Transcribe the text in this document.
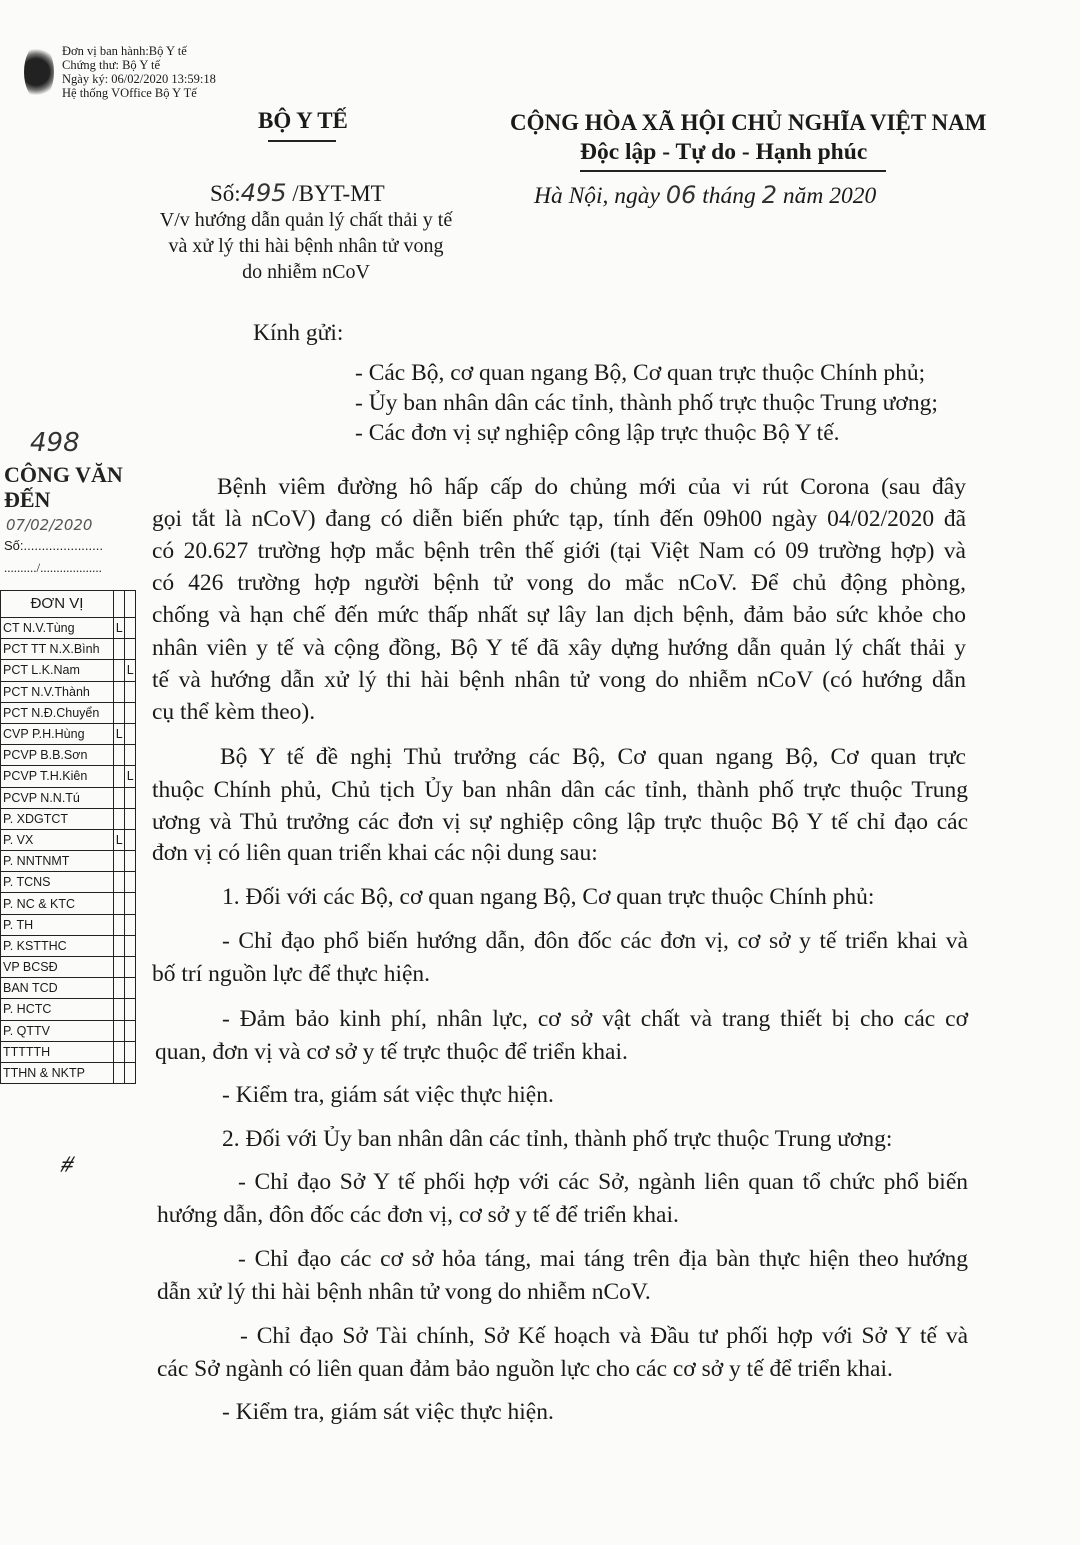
Đơn vị ban hành:Bộ Y tế
Chứng thư: Bộ Y tế
Ngày ký: 06/02/2020 13:59:18
Hệ thống VOffice Bộ Y Tế
BỘ Y TẾ	CỘNG HÒA XÃ HỘI CHỦ NGHĨA VIỆT NAM
Độc lập - Tự do - Hạnh phúc
Số:495 /BYT-MT
V/v hướng dẫn quản lý chất thải y tế
và xử lý thi hài bệnh nhân tử vong
do nhiễm nCoV
Hà Nội, ngày 06 tháng 2 năm 2020
Kính gửi:
- Các Bộ, cơ quan ngang Bộ, Cơ quan trực thuộc Chính phủ;
- Ủy ban nhân dân các tỉnh, thành phố trực thuộc Trung ương;
- Các đơn vị sự nghiệp công lập trực thuộc Bộ Y tế.
Bệnh viêm đường hô hấp cấp do chủng mới của vi rút Corona (sau đây
gọi tắt là nCoV) đang có diễn biến phức tạp, tính đến 09h00 ngày 04/02/2020 đã
có 20.627 trường hợp mắc bệnh trên thế giới (tại Việt Nam có 09 trường hợp) và
có 426 trường hợp người bệnh tử vong do mắc nCoV. Để chủ động phòng,
chống và hạn chế đến mức thấp nhất sự lây lan dịch bệnh, đảm bảo sức khỏe cho
nhân viên y tế và cộng đồng, Bộ Y tế đã xây dựng hướng dẫn quản lý chất thải y
tế và hướng dẫn xử lý thi hài bệnh nhân tử vong do nhiễm nCoV (có hướng dẫn
cụ thể kèm theo).
Bộ Y tế đề nghị Thủ trưởng các Bộ, Cơ quan ngang Bộ, Cơ quan trực
thuộc Chính phủ, Chủ tịch Ủy ban nhân dân các tỉnh, thành phố trực thuộc Trung
ương và Thủ trưởng các đơn vị sự nghiệp công lập trực thuộc Bộ Y tế chỉ đạo các
đơn vị có liên quan triển khai các nội dung sau:
1. Đối với các Bộ, cơ quan ngang Bộ, Cơ quan trực thuộc Chính phủ:
- Chỉ đạo phổ biến hướng dẫn, đôn đốc các đơn vị, cơ sở y tế triển khai và
bố trí nguồn lực để thực hiện.
- Đảm bảo kinh phí, nhân lực, cơ sở vật chất và trang thiết bị cho các cơ
quan, đơn vị và cơ sở y tế trực thuộc để triển khai.
- Kiểm tra, giám sát việc thực hiện.
2. Đối với Ủy ban nhân dân các tỉnh, thành phố trực thuộc Trung ương:
- Chỉ đạo Sở Y tế phối hợp với các Sở, ngành liên quan tổ chức phổ biến
hướng dẫn, đôn đốc các đơn vị, cơ sở y tế để triển khai.
- Chỉ đạo các cơ sở hỏa táng, mai táng trên địa bàn thực hiện theo hướng
dẫn xử lý thi hài bệnh nhân tử vong do nhiễm nCoV.
- Chỉ đạo Sở Tài chính, Sở Kế hoạch và Đầu tư phối hợp với Sở Y tế và
các Sở ngành có liên quan đảm bảo nguồn lực cho các cơ sở y tế để triển khai.
- Kiểm tra, giám sát việc thực hiện.
498
CÔNG VĂN ĐẾN
07/02/2020
Số:......................
........../...................
ĐƠN VỊ		
CT N.V.Tùng	L	
PCT TT N.X.Bình		
PCT L.K.Nam		L
PCT N.V.Thành		
PCT N.Đ.Chuyển		
CVP P.H.Hùng	L	
PCVP B.B.Sơn		
PCVP T.H.Kiên		L
PCVP N.N.Tú		
P. XDGTCT		
P. VX	L	
P. NNTNMT		
P. TCNS		
P. NC & KTC		
P. TH		
P. KSTTHC		
VP BCSĐ		
BAN TCD		
P. HCTC		
P. QTTV		
TTTTTH		
TTHN & NKTP		
⧣
